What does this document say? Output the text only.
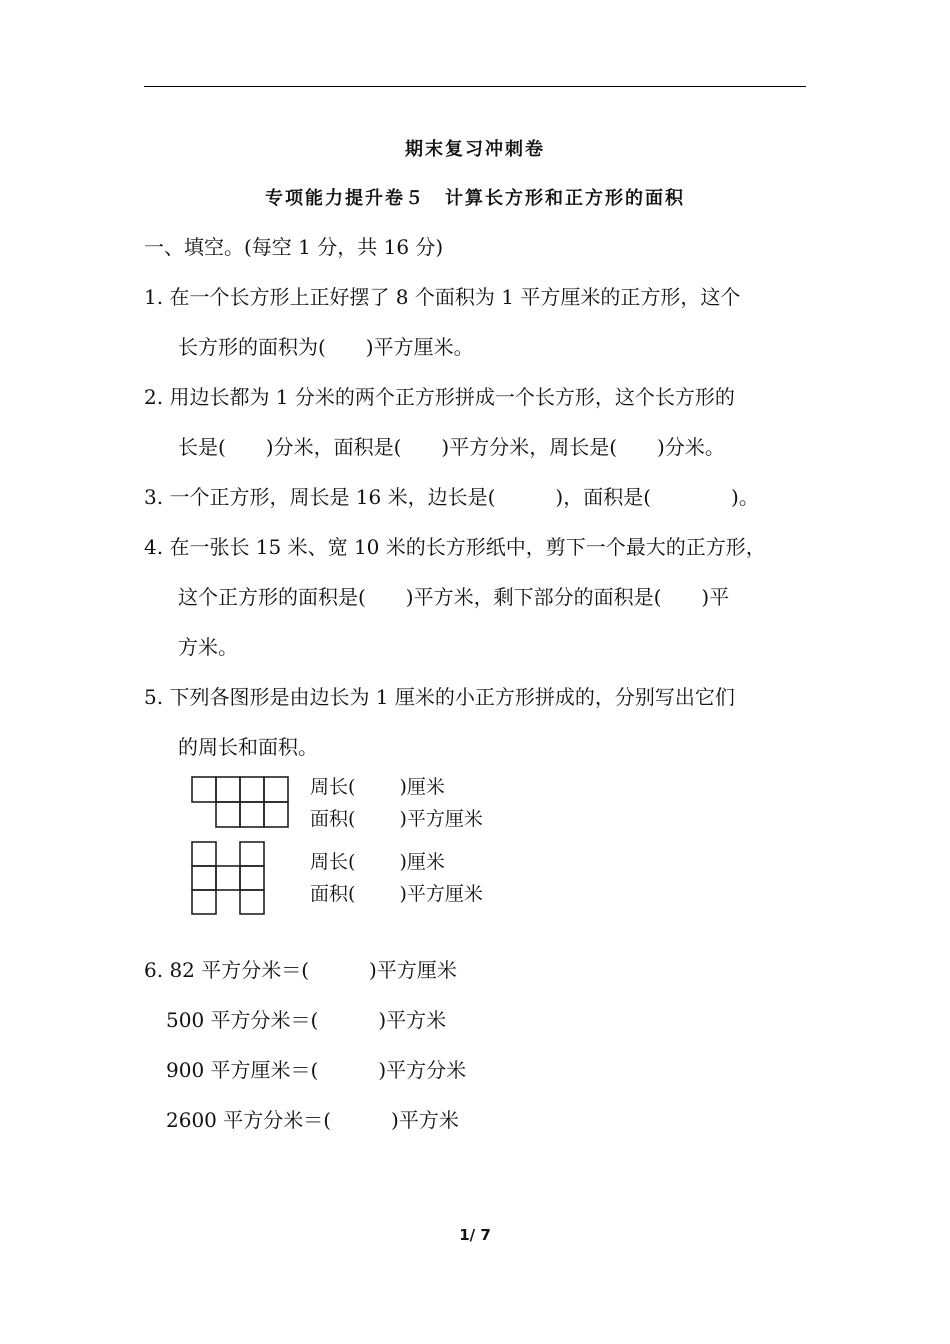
期末复习冲刺卷
专项能力提升卷５　计算长方形和正方形的面积
一、填空。(每空 1 分，共 16 分)
1. 在一个长方形上正好摆了 8 个面积为 1 平方厘米的正方形，这个
长方形的面积为(　　)平方厘米。
2. 用边长都为 1 分米的两个正方形拼成一个长方形，这个长方形的
长是(　　)分米，面积是(　　)平方分米，周长是(　　)分米。
3. 一个正方形，周长是 16 米，边长是(　　　)，面积是(　　　　)。
4. 在一张长 15 米、宽 10 米的长方形纸中，剪下一个最大的正方形，
这个正方形的面积是(　　)平方米，剩下部分的面积是(　　)平
方米。
5. 下列各图形是由边长为 1 厘米的小正方形拼成的，分别写出它们
的周长和面积。
周长(　　 )厘米
面积(　　 )平方厘米
周长(　　 )厘米
面积(　　 )平方厘米
6. 82 平方分米＝(　　　)平方厘米
500 平方分米＝(　　　)平方米
900 平方厘米＝(　　　)平方分米
2600 平方分米＝(　　　)平方米
1/ 7
